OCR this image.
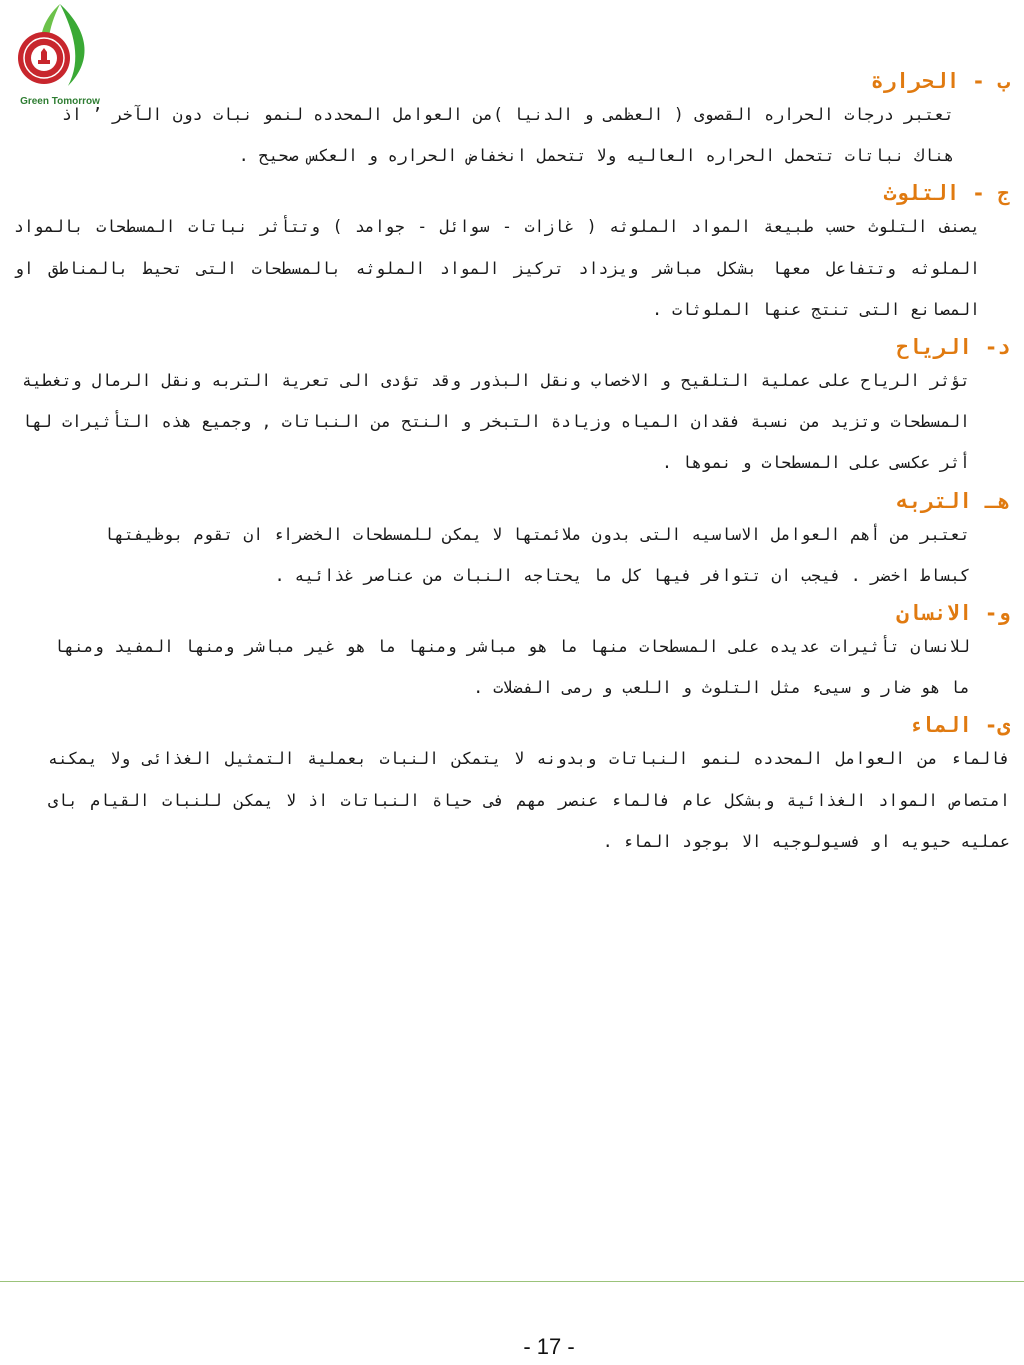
Green Tomorrow
ب - الحرارة

تعتبر درجات الحراره القصوى ( العظمى و الدنيا )من العوامل المحدده لنمو نبات دون الآخر ’ اذ هناك نباتات تتحمل الحراره العاليه ولا تتحمل انخفاض الحراره و العكس صحيح .

ج - التلوث

يصنف التلوث حسب طبيعة المواد الملوثه ( غازات - سوائل - جوامد ) وتتأثر نباتات المسطحات بالمواد الملوثه وتتفاعل معها بشكل مباشر ويزداد تركيز المواد الملوثه بالمسطحات التى تحيط بالمناطق او المصانع التى تنتج عنها الملوثات .

د- الرياح

تؤثر الرياح على عملية التلقيح و الاخصاب ونقل البذور وقد تؤدى الى تعرية التربه ونقل الرمال وتغطية المسطحات وتزيد من نسبة فقدان المياه وزيادة التبخر و النتح من النباتات , وجميع هذه التأثيرات لها أثر عكسى على المسطحات و نموها .

هـ التربه

تعتبر من أهم العوامل الاساسيه التى بدون ملائمتها لا يمكن للمسطحات الخضراء ان تقوم بوظيفتها كبساط اخضر . فيجب ان تتوافر فيها كل ما يحتاجه النبات من عناصر غذائيه .

و- الانسان

للانسان تأثيرات عديده على المسطحات منها ما هو مباشر ومنها ما هو غير مباشر ومنها المفيد ومنها ما هو ضار و سيىء مثل التلوث و اللعب و رمى الفضلات .

ى- الماء

فالماء من العوامل المحدده لنمو النباتات وبدونه لا يتمكن النبات بعملية التمثيل الغذائى ولا يمكنه امتصاص المواد الغذائية وبشكل عام فالماء عنصر مهم فى حياة النباتات اذ لا يمكن للنبات القيام باى عمليه حيويه او فسيولوجيه الا بوجود الماء .

- 17 -
